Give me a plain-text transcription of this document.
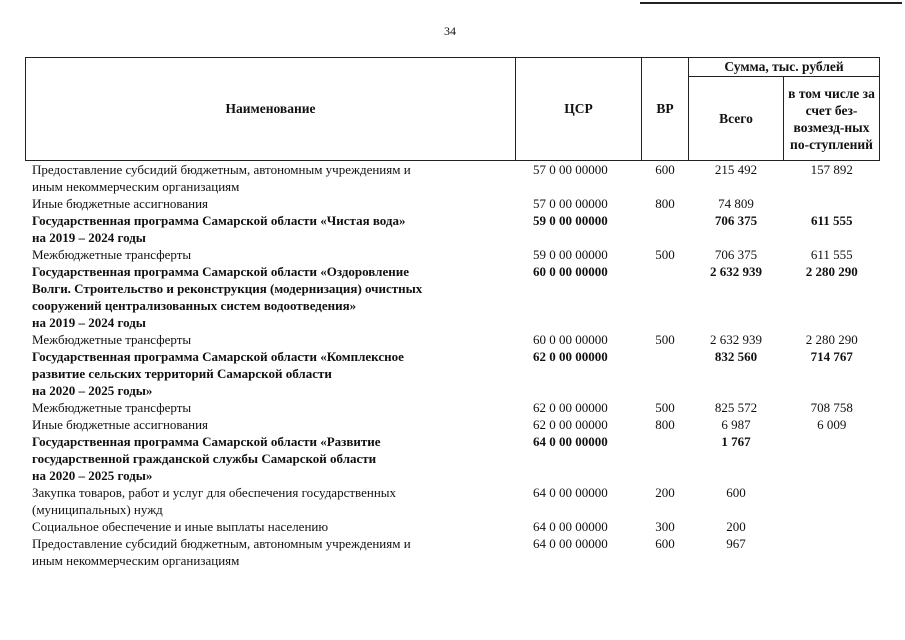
34
Наименование	ЦСР	ВР	Сумма, тыс. рублей	
			Всего	в том числе за счет без-возмезд-ных по-ступлений
Предоставление субсидий бюджетным, автономным учреждениям и
иным некоммерческим организациям	57 0 00 00000	600	215 492	157 892
Иные бюджетные ассигнования	57 0 00 00000	800	74 809	
Государственная программа Самарской области «Чистая вода»
на 2019 – 2024 годы	59 0 00 00000		706 375	611 555
Межбюджетные трансферты	59 0 00 00000	500	706 375	611 555
Государственная программа Самарской области «Оздоровление
Волги. Строительство и реконструкция (модернизация) очистных
сооружений централизованных систем водоотведения»
на 2019 – 2024 годы	60 0 00 00000		2 632 939	2 280 290
Межбюджетные трансферты	60 0 00 00000	500	2 632 939	2 280 290
Государственная программа Самарской области «Комплексное
развитие сельских территорий Самарской области
на 2020 – 2025 годы»	62 0 00 00000		832 560	714 767
Межбюджетные трансферты	62 0 00 00000	500	825 572	708 758
Иные бюджетные ассигнования	62 0 00 00000	800	6 987	6 009
Государственная программа Самарской области «Развитие
государственной гражданской службы Самарской области
на 2020 – 2025 годы»	64 0 00 00000		1 767	
Закупка товаров, работ и услуг для обеспечения государственных
(муниципальных) нужд	64 0 00 00000	200	600	
Социальное обеспечение и иные выплаты населению	64 0 00 00000	300	200	
Предоставление субсидий бюджетным, автономным учреждениям и
иным некоммерческим организациям	64 0 00 00000	600	967	
